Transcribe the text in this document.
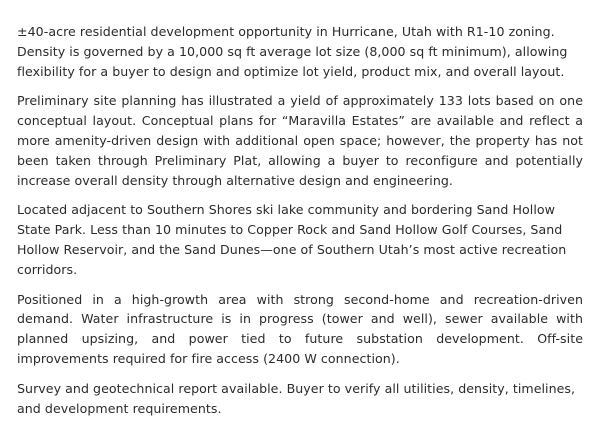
±40-acre residential development opportunity in Hurricane, Utah with R1-10 zoning. Density is governed by a 10,000 sq ft average lot size (8,000 sq ft minimum), allowing flexibility for a buyer to design and optimize lot yield, product mix, and overall layout.

Preliminary site planning has illustrated a yield of approximately 133 lots based on one conceptual layout. Conceptual plans for “Maravilla Estates” are available and reflect a more amenity-driven design with additional open space; however, the property has not been taken through Preliminary Plat, allowing a buyer to reconfigure and potentially increase overall density through alternative design and engineering.

Located adjacent to Southern Shores ski lake community and bordering Sand Hollow State Park. Less than 10 minutes to Copper Rock and Sand Hollow Golf Courses, Sand Hollow Reservoir, and the Sand Dunes—one of Southern Utah’s most active recreation corridors.

Positioned in a high-growth area with strong second-home and recreation-driven demand. Water infrastructure is in progress (tower and well), sewer available with planned upsizing, and power tied to future substation development. Off-site improvements required for fire access (2400 W connection).

Survey and geotechnical report available. Buyer to verify all utilities, density, timelines, and development requirements.
